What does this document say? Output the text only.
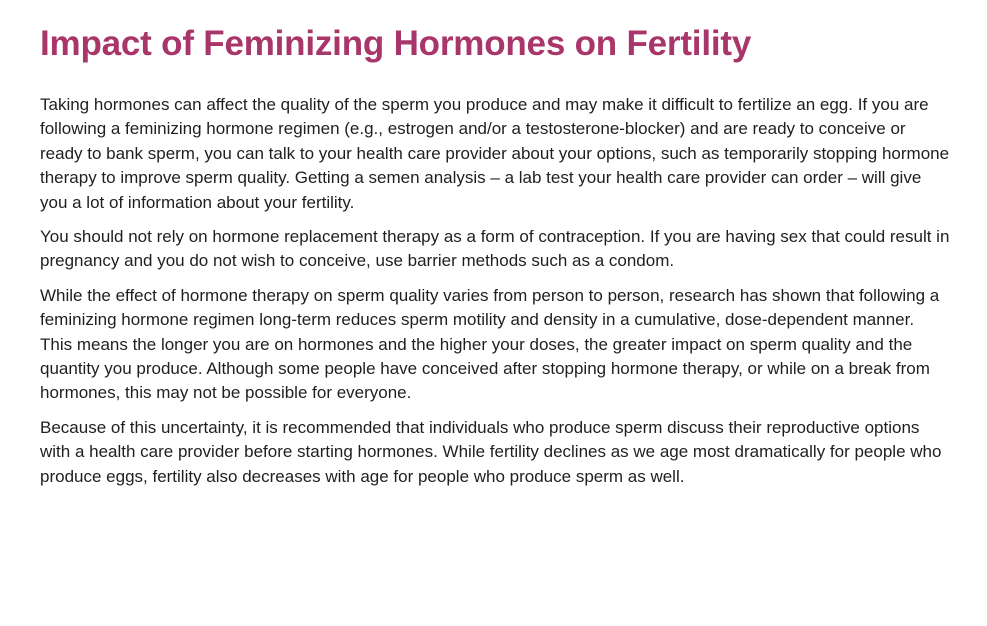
Impact of Feminizing Hormones on Fertility

Taking hormones can affect the quality of the sperm you produce and may make it difficult to fertilize an egg. If you are following a feminizing hormone regimen (e.g., estrogen and/or a testosterone-blocker) and are ready to conceive or ready to bank sperm, you can talk to your health care provider about your options, such as temporarily stopping hormone therapy to improve sperm quality. Getting a semen analysis – a lab test your health care provider can order – will give you a lot of information about your fertility.

You should not rely on hormone replacement therapy as a form of contraception. If you are having sex that could result in pregnancy and you do not wish to conceive, use barrier methods such as a condom.

While the effect of hormone therapy on sperm quality varies from person to person, research has shown that following a feminizing hormone regimen long-term reduces sperm motility and density in a cumulative, dose-dependent manner. This means the longer you are on hormones and the higher your doses, the greater impact on sperm quality and the quantity you produce. Although some people have conceived after stopping hormone therapy, or while on a break from hormones, this may not be possible for everyone.

Because of this uncertainty, it is recommended that individuals who produce sperm discuss their reproductive options with a health care provider before starting hormones. While fertility declines as we age most dramatically for people who produce eggs, fertility also decreases with age for people who produce sperm as well.
